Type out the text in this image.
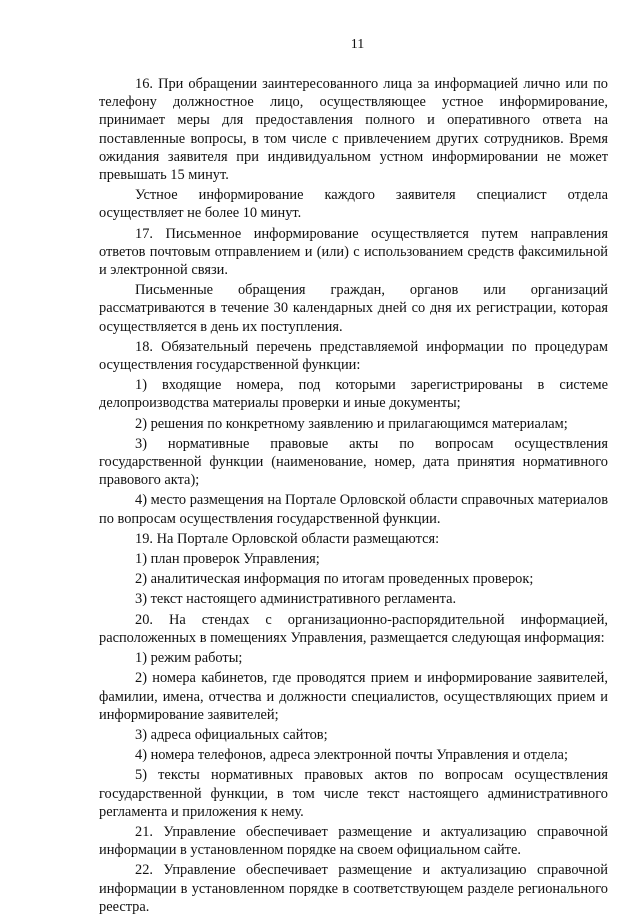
11

16. При обращении заинтересованного лица за информацией лично или по телефону должностное лицо, осуществляющее устное информирование, принимает меры для предоставления полного и оперативного ответа на поставленные вопросы, в том числе с привлечением других сотрудников. Время ожидания заявителя при индивидуальном устном информировании не может превышать 15 минут.

Устное информирование каждого заявителя специалист отдела осуществляет не более 10 минут.

17. Письменное информирование осуществляется путем направления ответов почтовым отправлением и (или) с использованием средств факсимильной и электронной связи.

Письменные обращения граждан, органов или организаций рассматриваются в течение 30 календарных дней со дня их регистрации, которая осуществляется в день их поступления.

18. Обязательный перечень представляемой информации по процедурам осуществления государственной функции:

1) входящие номера, под которыми зарегистрированы в системе делопроизводства материалы проверки и иные документы;

2) решения по конкретному заявлению и прилагающимся материалам;

3) нормативные правовые акты по вопросам осуществления государственной функции (наименование, номер, дата принятия нормативного правового акта);

4) место размещения на Портале Орловской области справочных материалов по вопросам осуществления государственной функции.

19. На Портале Орловской области размещаются:

1) план проверок Управления;

2) аналитическая информация по итогам проведенных проверок;

3) текст настоящего административного регламента.

20. На стендах с организационно-распорядительной информацией, расположенных в помещениях Управления, размещается следующая информация:

1) режим работы;

2) номера кабинетов, где проводятся прием и информирование заявителей, фамилии, имена, отчества и должности специалистов, осуществляющих прием и информирование заявителей;

3) адреса официальных сайтов;

4) номера телефонов, адреса электронной почты Управления и отдела;

5) тексты нормативных правовых актов по вопросам осуществления государственной функции, в том числе текст настоящего административного регламента и приложения к нему.

21. Управление обеспечивает размещение и актуализацию справочной информации в установленном порядке на своем официальном сайте.

22. Управление обеспечивает размещение и актуализацию справочной информации в установленном порядке в соответствующем разделе регионального реестра.
